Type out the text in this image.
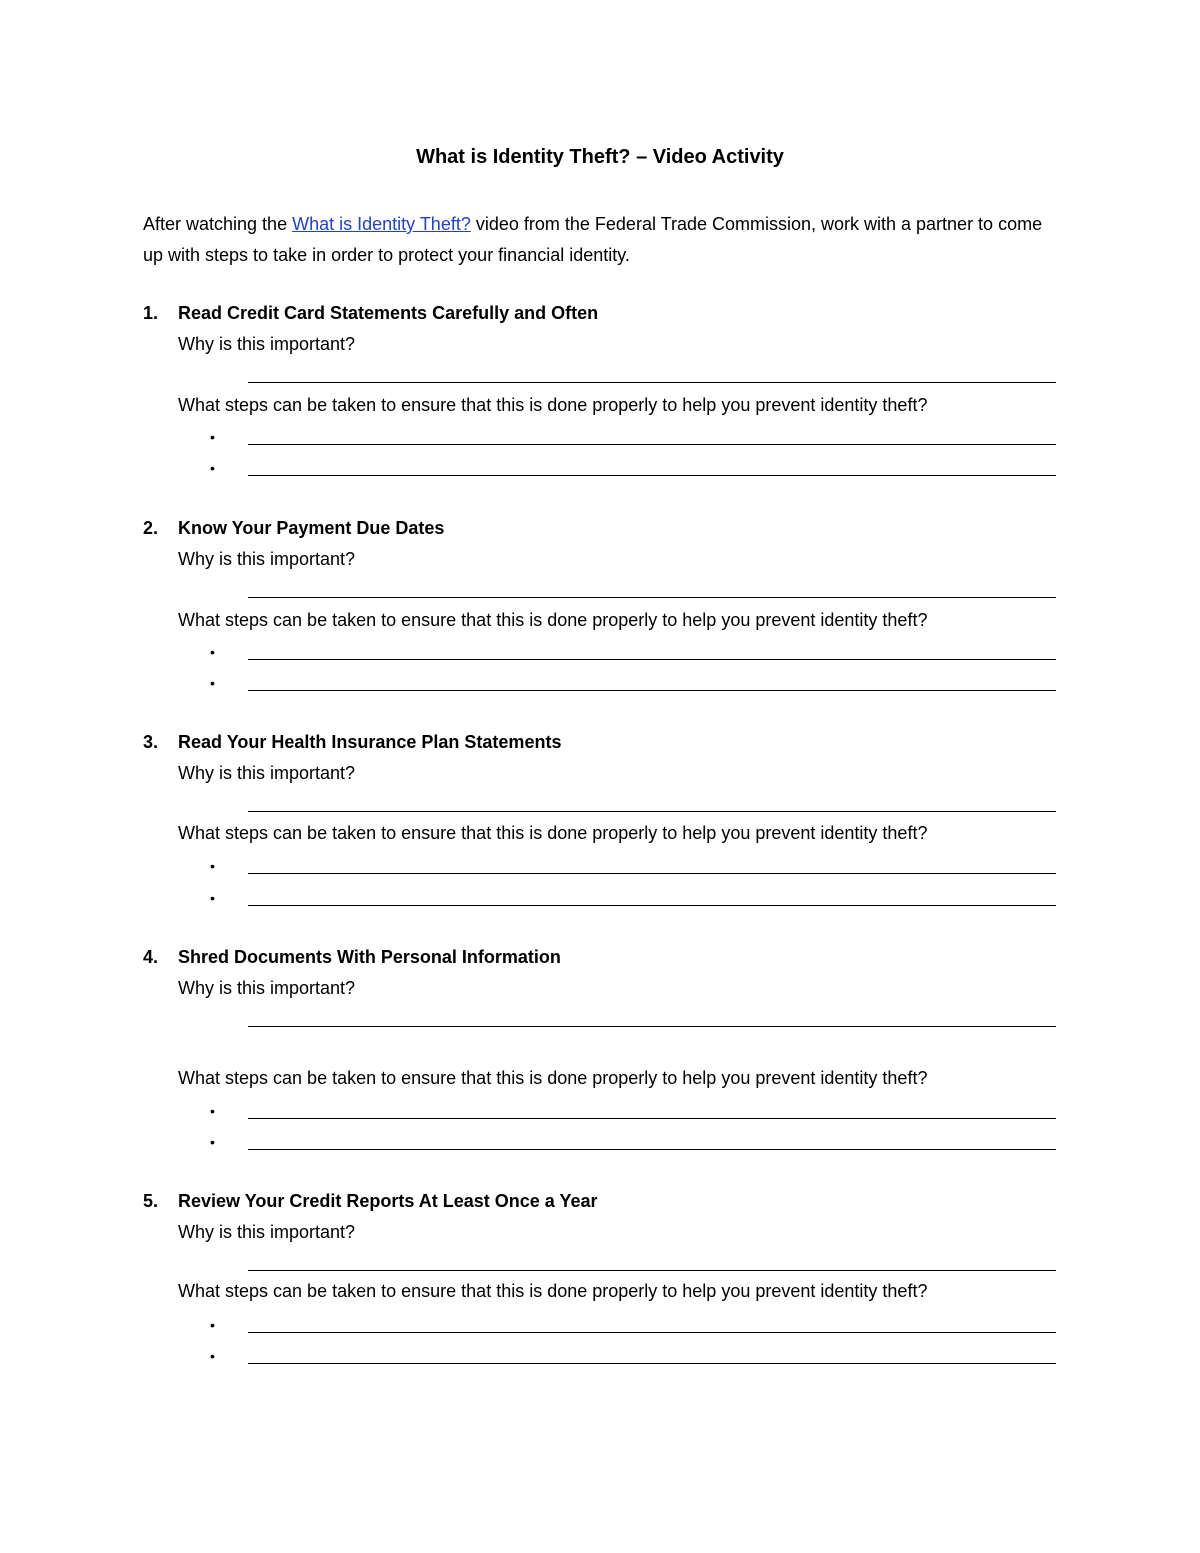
What is Identity Theft? – Video Activity
After watching the What is Identity Theft? video from the Federal Trade Commission, work with a partner to come up with steps to take in order to protect your financial identity.
1. Read Credit Card Statements Carefully and Often
Why is this important?
What steps can be taken to ensure that this is done properly to help you prevent identity theft?
•
•
2. Know Your Payment Due Dates
Why is this important?
What steps can be taken to ensure that this is done properly to help you prevent identity theft?
•
•
3. Read Your Health Insurance Plan Statements
Why is this important?
What steps can be taken to ensure that this is done properly to help you prevent identity theft?
•
•
4. Shred Documents With Personal Information
Why is this important?
What steps can be taken to ensure that this is done properly to help you prevent identity theft?
•
•
5. Review Your Credit Reports At Least Once a Year
Why is this important?
What steps can be taken to ensure that this is done properly to help you prevent identity theft?
•
•
